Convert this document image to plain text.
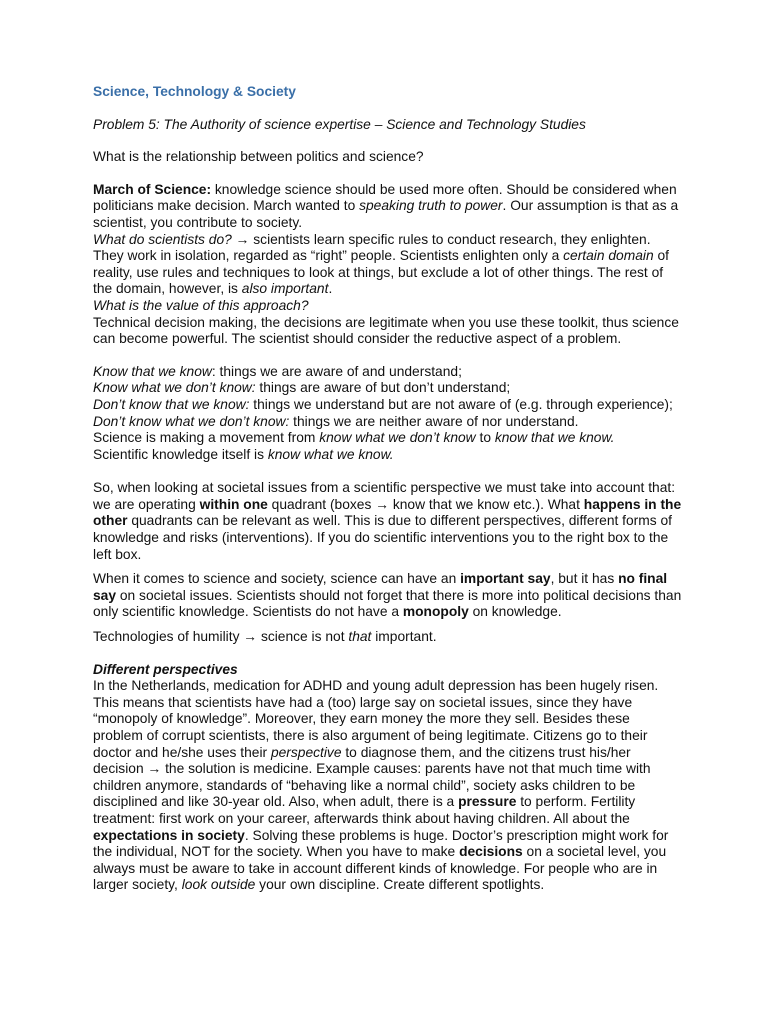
Science, Technology & Society
Problem 5: The Authority of science expertise – Science and Technology Studies

What is the relationship between politics and science?

March of Science: knowledge science should be used more often. Should be considered when politicians make decision. March wanted to speaking truth to power. Our assumption is that as a scientist, you contribute to society.

What do scientists do? → scientists learn specific rules to conduct research, they enlighten. They work in isolation, regarded as “right” people. Scientists enlighten only a certain domain of reality, use rules and techniques to look at things, but exclude a lot of other things. The rest of the domain, however, is also important.

What is the value of this approach?

Technical decision making, the decisions are legitimate when you use these toolkit, thus science can become powerful. The scientist should consider the reductive aspect of a problem.

Know that we know: things we are aware of and understand;

Know what we don’t know: things are aware of but don’t understand;

Don’t know that we know: things we understand but are not aware of (e.g. through experience);

Don’t know what we don’t know: things we are neither aware of nor understand.

Science is making a movement from know what we don’t know to know that we know.

Scientific knowledge itself is know what we know.

So, when looking at societal issues from a scientific perspective we must take into account that: we are operating within one quadrant (boxes → know that we know etc.). What happens in the other quadrants can be relevant as well. This is due to different perspectives, different forms of knowledge and risks (interventions). If you do scientific interventions you to the right box to the left box.

When it comes to science and society, science can have an important say, but it has no final say on societal issues. Scientists should not forget that there is more into political decisions than only scientific knowledge. Scientists do not have a monopoly on knowledge.

Technologies of humility → science is not that important.

Different perspectives

In the Netherlands, medication for ADHD and young adult depression has been hugely risen. This means that scientists have had a (too) large say on societal issues, since they have “monopoly of knowledge”. Moreover, they earn money the more they sell. Besides these problem of corrupt scientists, there is also argument of being legitimate. Citizens go to their doctor and he/she uses their perspective to diagnose them, and the citizens trust his/her decision → the solution is medicine. Example causes: parents have not that much time with children anymore, standards of “behaving like a normal child”, society asks children to be disciplined and like 30-year old. Also, when adult, there is a pressure to perform. Fertility treatment: first work on your career, afterwards think about having children. All about the expectations in society. Solving these problems is huge. Doctor’s prescription might work for the individual, NOT for the society. When you have to make decisions on a societal level, you always must be aware to take in account different kinds of knowledge. For people who are in larger society, look outside your own discipline. Create different spotlights.
